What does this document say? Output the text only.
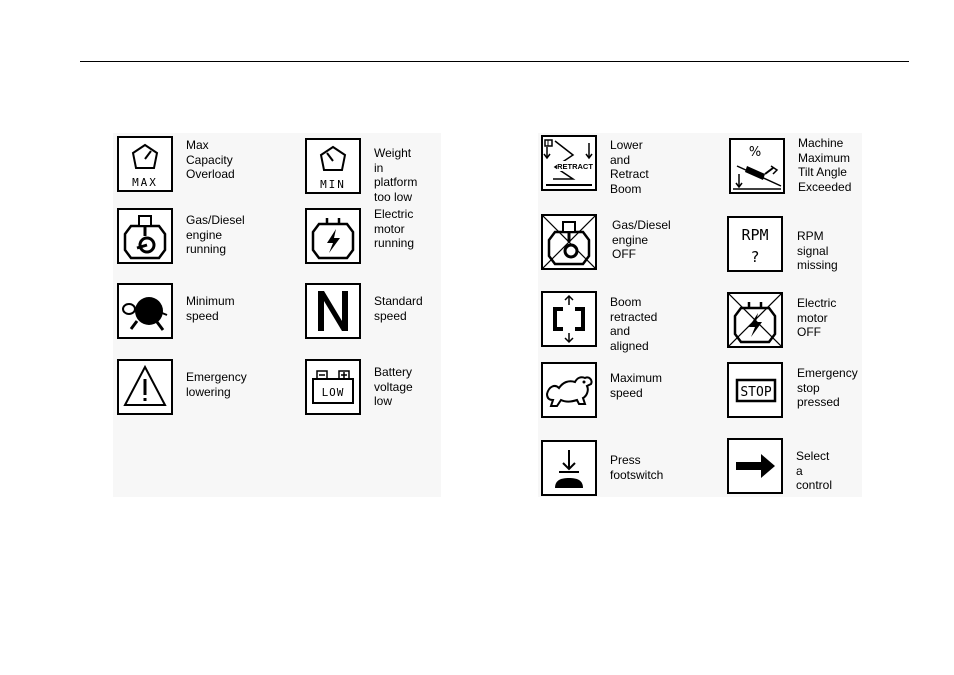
MAX
Max
Capacity
Overload
Gas/Diesel
engine
running
Minimum
speed
Emergency
lowering
MIN
Weight in
platform
too low
Electric
motor
running
Standard
speed
LOW
Battery
voltage low
RETRACT
Lower and
Retract
Boom
Gas/Diesel
engine
OFF
Boom
retracted and
aligned
Maximum
speed
Press
footswitch
%
Machine
Maximum
Tilt Angle
Exceeded
RPM
?
RPM signal
missing
Electric
motor
OFF
STOP
Emergency
stop
pressed
Select a
control
